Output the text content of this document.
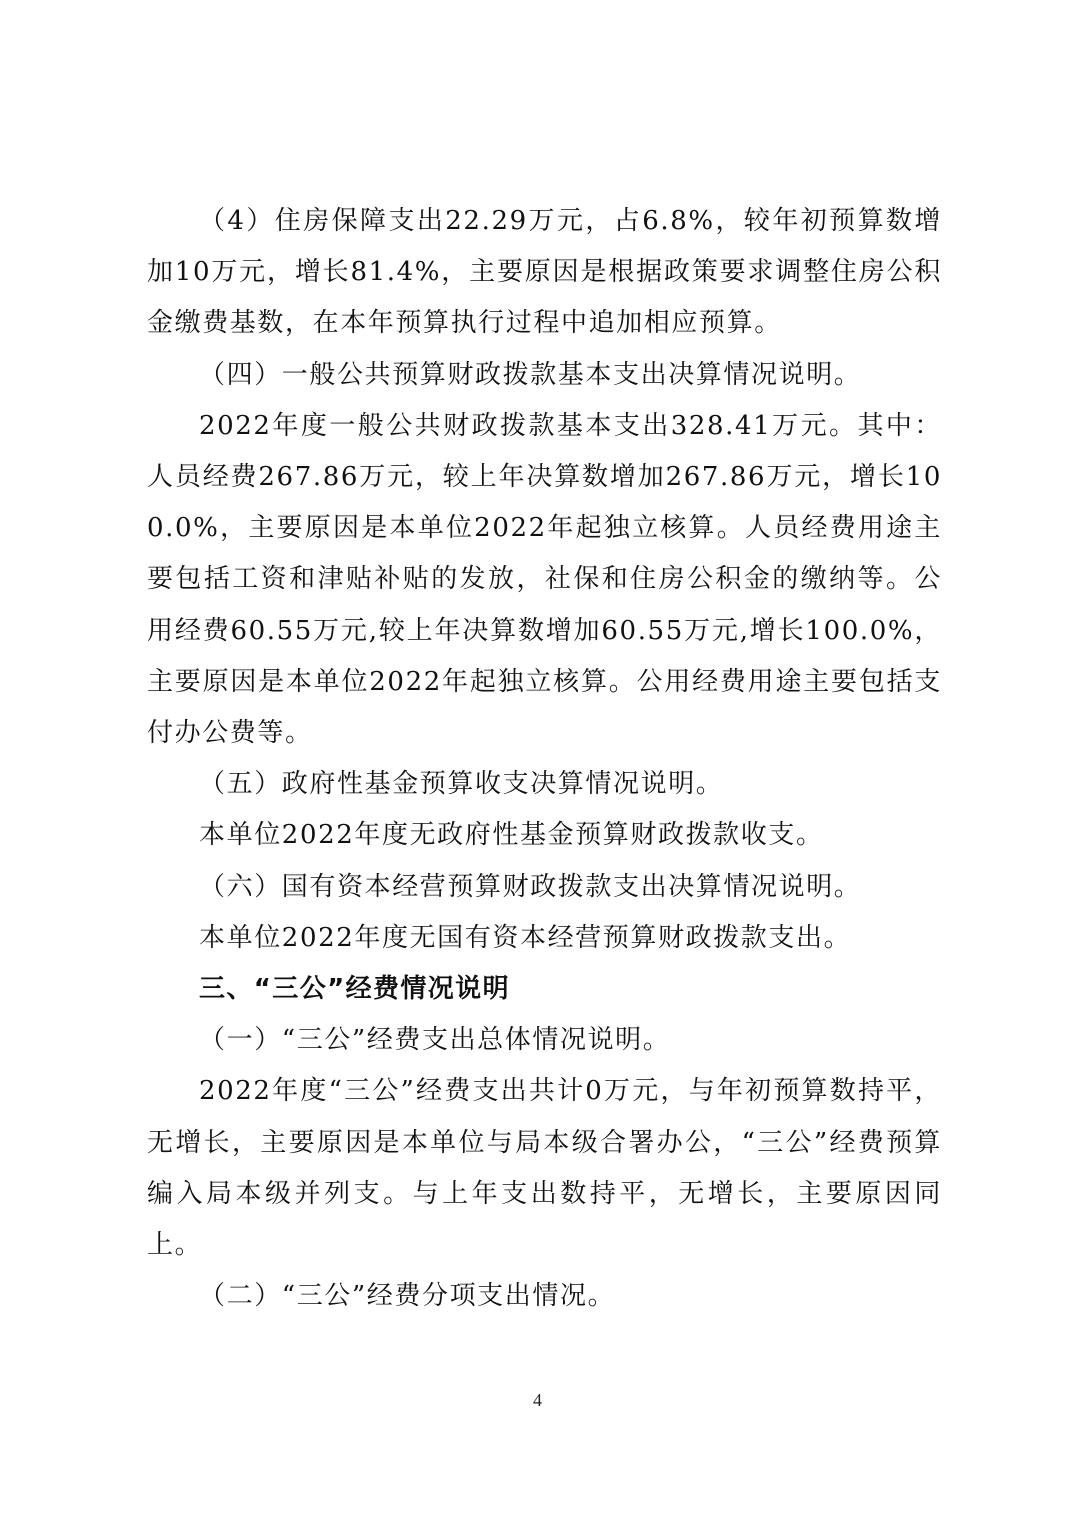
（4）住房保障支出22.29万元，占6.8%，较年初预算数增加10万元，增长81.4%，主要原因是根据政策要求调整住房公积金缴费基数，在本年预算执行过程中追加相应预算。

（四）一般公共预算财政拨款基本支出决算情况说明。

2022年度一般公共财政拨款基本支出328.41万元。其中：人员经费267.86万元，较上年决算数增加267.86万元，增长100.0%，主要原因是本单位2022年起独立核算。人员经费用途主要包括工资和津贴补贴的发放，社保和住房公积金的缴纳等。公用经费60.55万元,较上年决算数增加60.55万元,增长100.0%，主要原因是本单位2022年起独立核算。公用经费用途主要包括支付办公费等。

（五）政府性基金预算收支决算情况说明。

本单位2022年度无政府性基金预算财政拨款收支。

（六）国有资本经营预算财政拨款支出决算情况说明。

本单位2022年度无国有资本经营预算财政拨款支出。

三、“三公”经费情况说明

（一）“三公”经费支出总体情况说明。

2022年度“三公”经费支出共计0万元，与年初预算数持平，无增长，主要原因是本单位与局本级合署办公，“三公”经费预算编入局本级并列支。与上年支出数持平，无增长，主要原因同上。

（二）“三公”经费分项支出情况。

4
